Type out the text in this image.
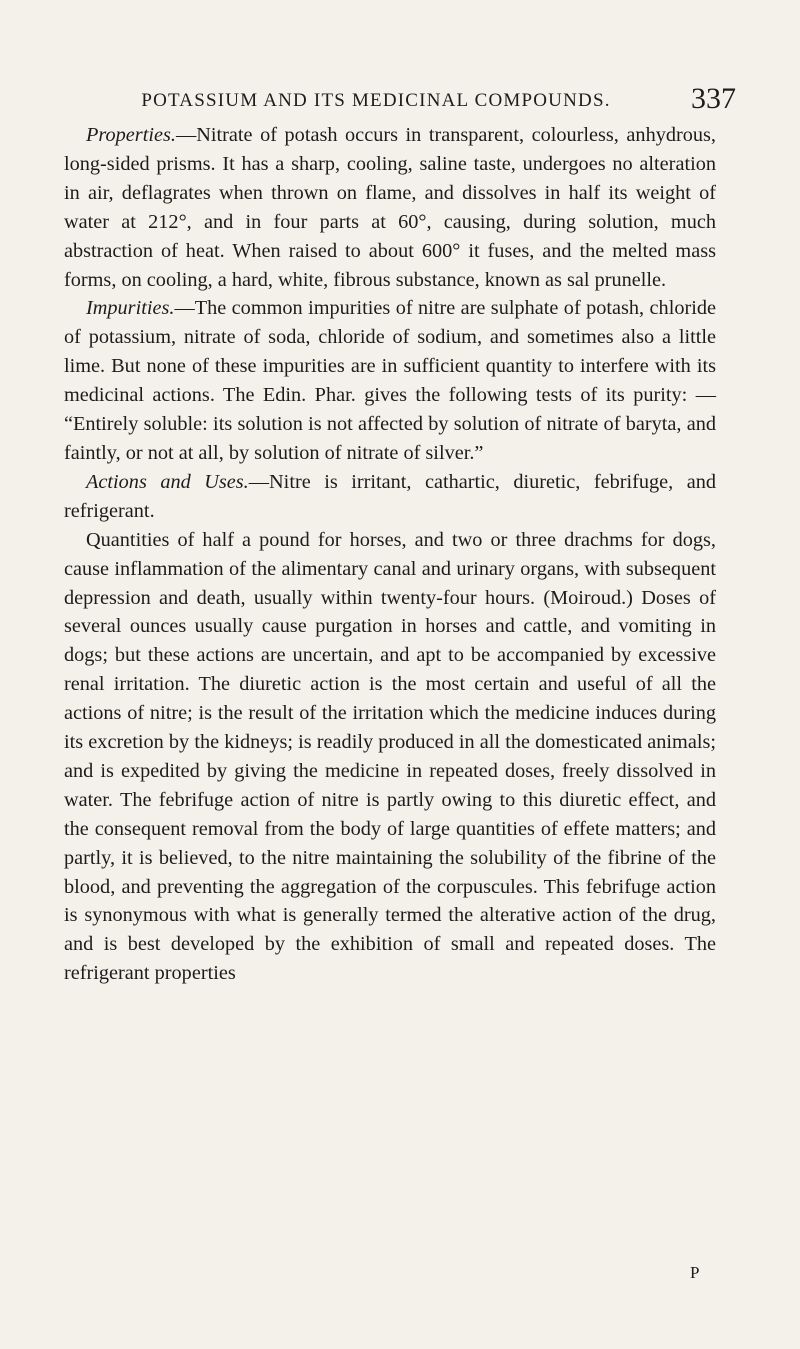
POTASSIUM AND ITS MEDICINAL COMPOUNDS.	337

Properties.—Nitrate of potash occurs in transparent, colourless, anhydrous, long-sided prisms. It has a sharp, cooling, saline taste, undergoes no alteration in air, deflagrates when thrown on flame, and dissolves in half its weight of water at 212°, and in four parts at 60°, causing, during solution, much abstraction of heat. When raised to about 600° it fuses, and the melted mass forms, on cooling, a hard, white, fibrous substance, known as sal prunelle.

Impurities.—The common impurities of nitre are sulphate of potash, chloride of potassium, nitrate of soda, chloride of sodium, and sometimes also a little lime. But none of these impurities are in sufficient quantity to interfere with its medicinal actions. The Edin. Phar. gives the following tests of its purity: — “Entirely soluble: its solution is not affected by solution of nitrate of baryta, and faintly, or not at all, by solution of nitrate of silver.”

Actions and Uses.—Nitre is irritant, cathartic, diuretic, febrifuge, and refrigerant.

Quantities of half a pound for horses, and two or three drachms for dogs, cause inflammation of the alimentary canal and urinary organs, with subsequent depression and death, usually within twenty-four hours. (Moiroud.) Doses of several ounces usually cause purgation in horses and cattle, and vomiting in dogs; but these actions are uncertain, and apt to be accompanied by excessive renal irritation. The diuretic action is the most certain and useful of all the actions of nitre; is the result of the irritation which the medicine induces during its excretion by the kidneys; is readily produced in all the domesticated animals; and is expedited by giving the medicine in repeated doses, freely dissolved in water. The febrifuge action of nitre is partly owing to this diuretic effect, and the consequent removal from the body of large quantities of effete matters; and partly, it is believed, to the nitre maintaining the solubility of the fibrine of the blood, and preventing the aggregation of the corpuscules. This febrifuge action is synonymous with what is generally termed the alterative action of the drug, and is best developed by the exhibition of small and repeated doses. The refrigerant properties

P
